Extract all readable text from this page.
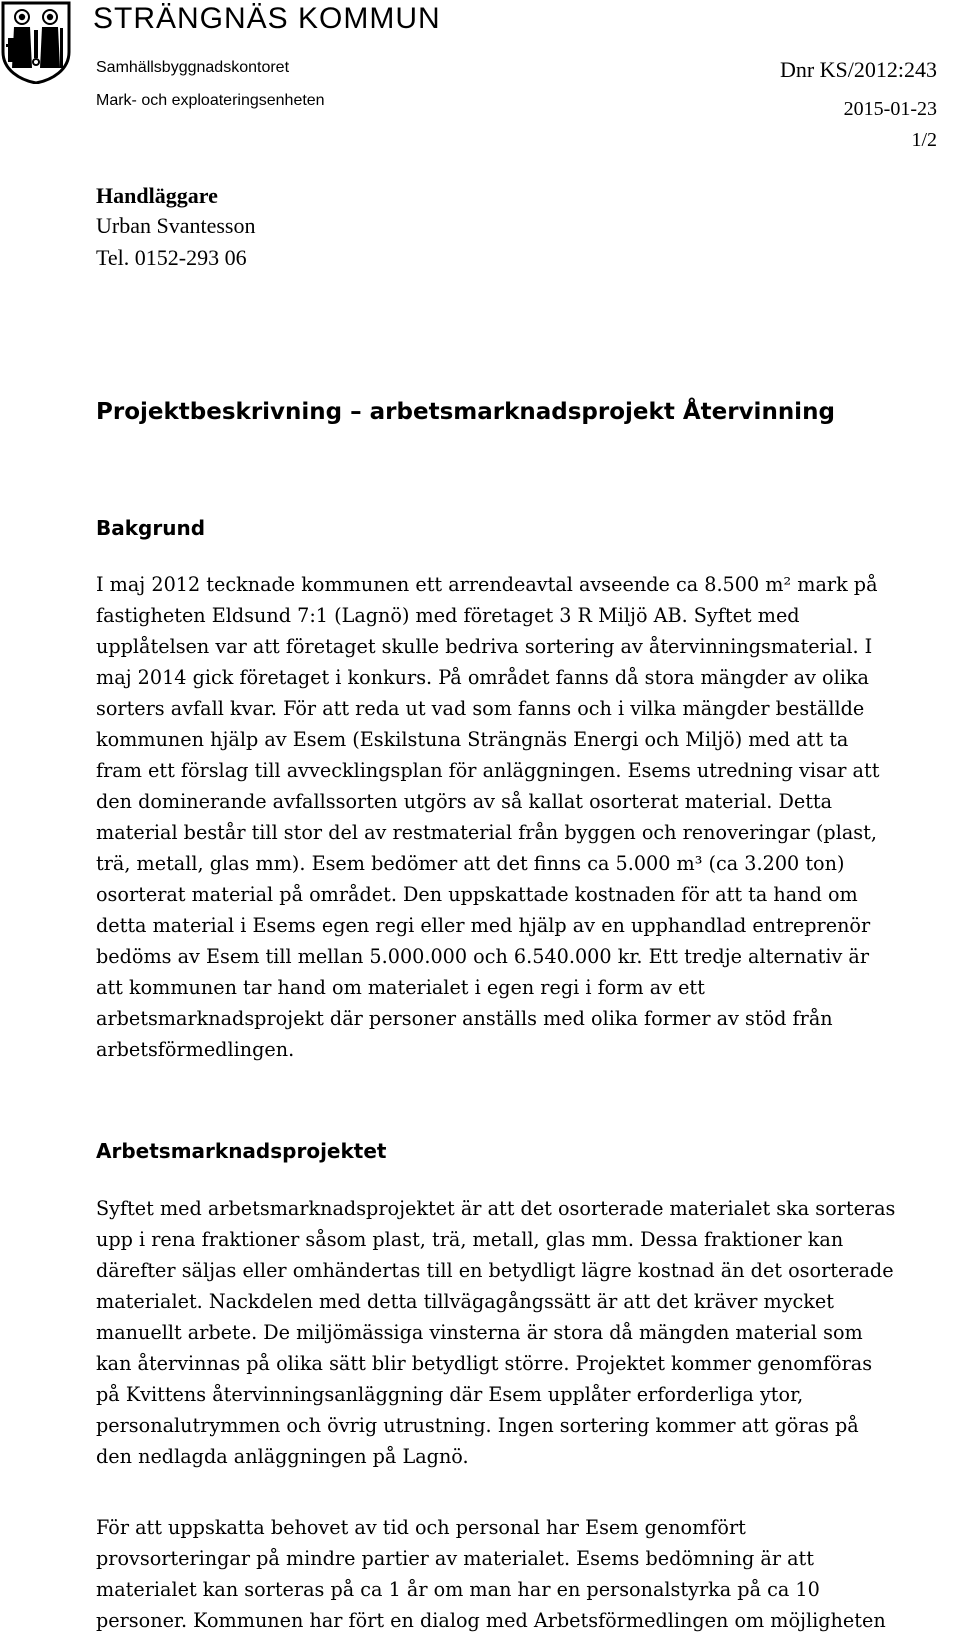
STRÄNGNÄS KOMMUN
Samhällsbyggnadskontoret
Mark- och exploateringsenheten
Dnr KS/2012:243
2015-01-23
1/2
Handläggare
Urban Svantesson
Tel. 0152-293 06
Projektbeskrivning – arbetsmarknadsprojekt Återvinning
Bakgrund
I maj 2012 tecknade kommunen ett arrendeavtal avseende ca 8.500 m² mark på
fastigheten Eldsund 7:1 (Lagnö) med företaget 3 R Miljö AB. Syftet med
upplåtelsen var att företaget skulle bedriva sortering av återvinningsmaterial. I
maj 2014 gick företaget i konkurs. På området fanns då stora mängder av olika
sorters avfall kvar. För att reda ut vad som fanns och i vilka mängder beställde
kommunen hjälp av Esem (Eskilstuna Strängnäs Energi och Miljö) med att ta
fram ett förslag till avvecklingsplan för anläggningen. Esems utredning visar att
den dominerande avfallssorten utgörs av så kallat osorterat material. Detta
material består till stor del av restmaterial från byggen och renoveringar (plast,
trä, metall, glas mm). Esem bedömer att det finns ca 5.000 m³ (ca 3.200 ton)
osorterat material på området. Den uppskattade kostnaden för att ta hand om
detta material i Esems egen regi eller med hjälp av en upphandlad entreprenör
bedöms av Esem till mellan 5.000.000 och 6.540.000 kr. Ett tredje alternativ är
att kommunen tar hand om materialet i egen regi i form av ett
arbetsmarknadsprojekt där personer anställs med olika former av stöd från
arbetsförmedlingen.
Arbetsmarknadsprojektet
Syftet med arbetsmarknadsprojektet är att det osorterade materialet ska sorteras
upp i rena fraktioner såsom plast, trä, metall, glas mm. Dessa fraktioner kan
därefter säljas eller omhändertas till en betydligt lägre kostnad än det osorterade
materialet. Nackdelen med detta tillvägagångssätt är att det kräver mycket
manuellt arbete. De miljömässiga vinsterna är stora då mängden material som
kan återvinnas på olika sätt blir betydligt större. Projektet kommer genomföras
på Kvittens återvinningsanläggning där Esem upplåter erforderliga ytor,
personalutrymmen och övrig utrustning. Ingen sortering kommer att göras på
den nedlagda anläggningen på Lagnö.
För att uppskatta behovet av tid och personal har Esem genomfört
provsorteringar på mindre partier av materialet. Esems bedömning är att
materialet kan sorteras på ca 1 år om man har en personalstyrka på ca 10
personer. Kommunen har fört en dialog med Arbetsförmedlingen om möjligheten
